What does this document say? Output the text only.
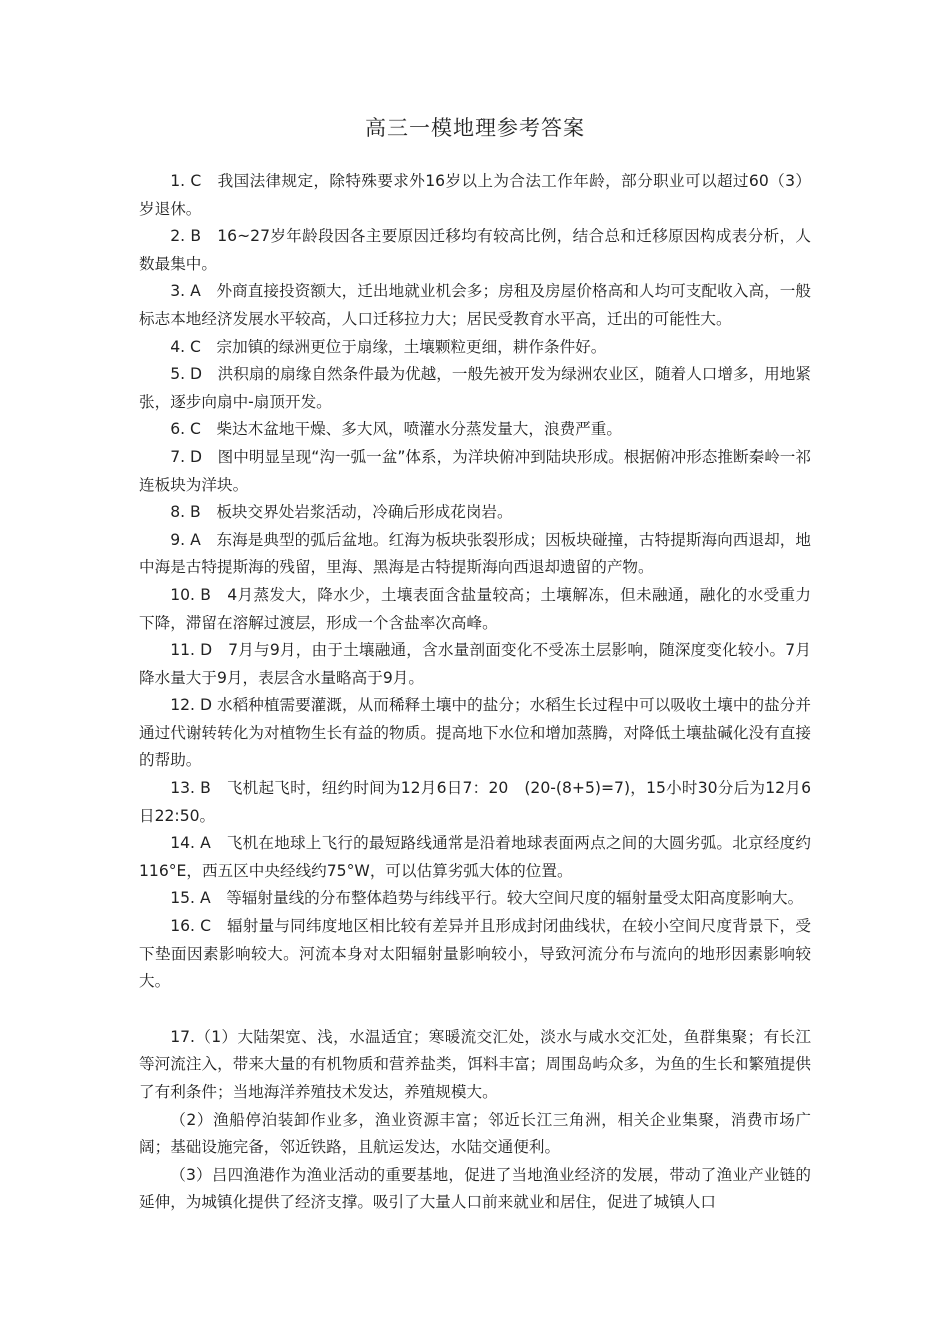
高三一模地理参考答案

1. C　我国法律规定，除特殊要求外16岁以上为合法工作年龄，部分职业可以超过60（3）岁退休。

2. B　16~27岁年龄段因各主要原因迁移均有较高比例，结合总和迁移原因构成表分析，人数最集中。

3. A　外商直接投资额大，迁出地就业机会多；房租及房屋价格高和人均可支配收入高，一般标志本地经济发展水平较高，人口迁移拉力大；居民受教育水平高，迁出的可能性大。

4. C　宗加镇的绿洲更位于扇缘，土壤颗粒更细，耕作条件好。

5. D　洪积扇的扇缘自然条件最为优越，一般先被开发为绿洲农业区，随着人口增多，用地紧张，逐步向扇中-扇顶开发。

6. C　柴达木盆地干燥、多大风，喷灌水分蒸发量大，浪费严重。

7. D　图中明显呈现“沟一弧一盆”体系，为洋块俯冲到陆块形成。根据俯冲形态推断秦岭一祁连板块为洋块。

8. B　板块交界处岩浆活动，冷确后形成花岗岩。

9. A　东海是典型的弧后盆地。红海为板块张裂形成；因板块碰撞，古特提斯海向西退却，地中海是古特提斯海的残留，里海、黑海是古特提斯海向西退却遗留的产物。

10. B　4月蒸发大，降水少，土壤表面含盐量较高；土壤解冻，但未融通，融化的水受重力下降，滞留在溶解过渡层，形成一个含盐率次高峰。

11. D　7月与9月，由于土壤融通，含水量剖面变化不受冻土层影响，随深度变化较小。7月降水量大于9月，表层含水量略高于9月。

12. D 水稻种植需要灌溉，从而稀释土壤中的盐分；水稻生长过程中可以吸收土壤中的盐分并通过代谢转转化为对植物生长有益的物质。提高地下水位和增加蒸腾，对降低土壤盐碱化没有直接的帮助。

13. B　飞机起飞时，纽约时间为12月6日7：20　(20-(8+5)=7)，15小时30分后为12月6日22:50。

14. A　飞机在地球上飞行的最短路线通常是沿着地球表面两点之间的大圆劣弧。北京经度约116°E，西五区中央经线约75°W，可以估算劣弧大体的位置。

15. A　等辐射量线的分布整体趋势与纬线平行。较大空间尺度的辐射量受太阳高度影响大。

16. C　辐射量与同纬度地区相比较有差异并且形成封闭曲线状，在较小空间尺度背景下，受下垫面因素影响较大。河流本身对太阳辐射量影响较小，导致河流分布与流向的地形因素影响较大。

17.（1）大陆架宽、浅，水温适宜；寒暖流交汇处，淡水与咸水交汇处，鱼群集聚；有长江等河流注入，带来大量的有机物质和营养盐类，饵料丰富；周围岛屿众多，为鱼的生长和繁殖提供了有利条件；当地海洋养殖技术发达，养殖规模大。

（2）渔船停泊装卸作业多，渔业资源丰富；邻近长江三角洲，相关企业集聚，消费市场广阔；基础设施完备，邻近铁路，且航运发达，水陆交通便利。

（3）吕四渔港作为渔业活动的重要基地，促进了当地渔业经济的发展，带动了渔业产业链的延伸，为城镇化提供了经济支撑。吸引了大量人口前来就业和居住，促进了城镇人口
